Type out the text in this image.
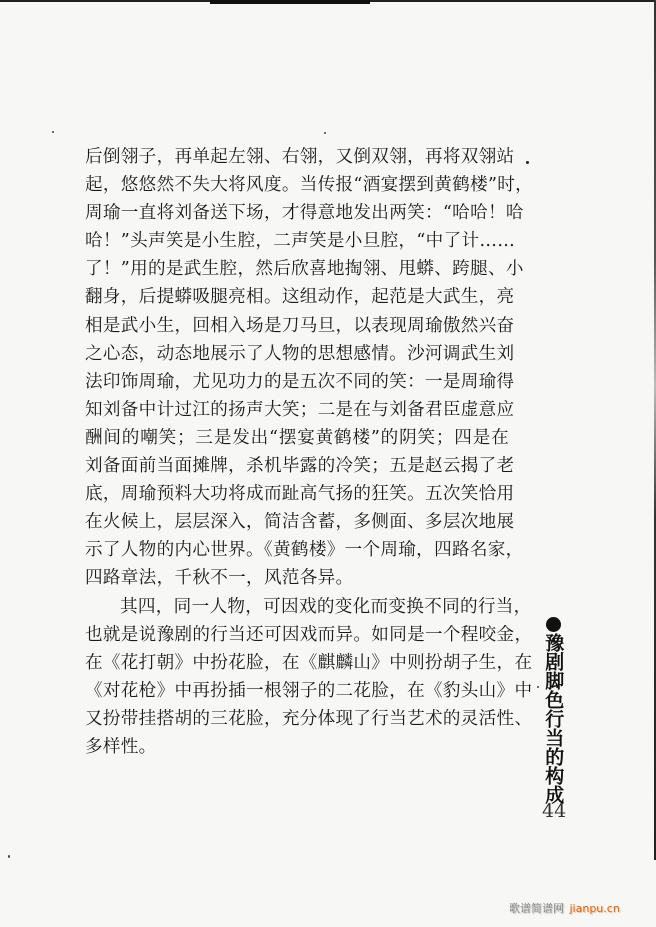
后倒翎子，再单起左翎、右翎，又倒双翎，再将双翎站
起，悠悠然不失大将风度。当传报“酒宴摆到黄鹤楼”时，
周瑜一直将刘备送下场，才得意地发出两笑：“哈哈！哈
哈！”头声笑是小生腔，二声笑是小旦腔，“中了计……
了！”用的是武生腔，然后欣喜地掏翎、甩蟒、跨腿、小
翻身，后提蟒吸腿亮相。这组动作，起范是大武生，亮
相是武小生，回相入场是刀马旦，以表现周瑜傲然兴奋
之心态，动态地展示了人物的思想感情。沙河调武生刘
法印饰周瑜，尤见功力的是五次不同的笑：一是周瑜得
知刘备中计过江的扬声大笑；二是在与刘备君臣虚意应
酬间的嘲笑；三是发出“摆宴黄鹤楼”的阴笑；四是在
刘备面前当面摊牌，杀机毕露的冷笑；五是赵云揭了老
底，周瑜预料大功将成而趾高气扬的狂笑。五次笑恰用
在火候上，层层深入，简洁含蓄，多侧面、多层次地展
示了人物的内心世界。《黄鹤楼》一个周瑜，四路名家，
四路章法，千秋不一，风范各异。
其四，同一人物，可因戏的变化而变换不同的行当，
也就是说豫剧的行当还可因戏而异。如同是一个程咬金，
在《花打朝》中扮花脸，在《麒麟山》中则扮胡子生，在
《对花枪》中再扮插一根翎子的二花脸，在《豹头山》中
又扮带挂搭胡的三花脸，充分体现了行当艺术的灵活性、
多样性。	豫剧脚色行当的构成
44
歌谱简谱网 jianpu.cn
